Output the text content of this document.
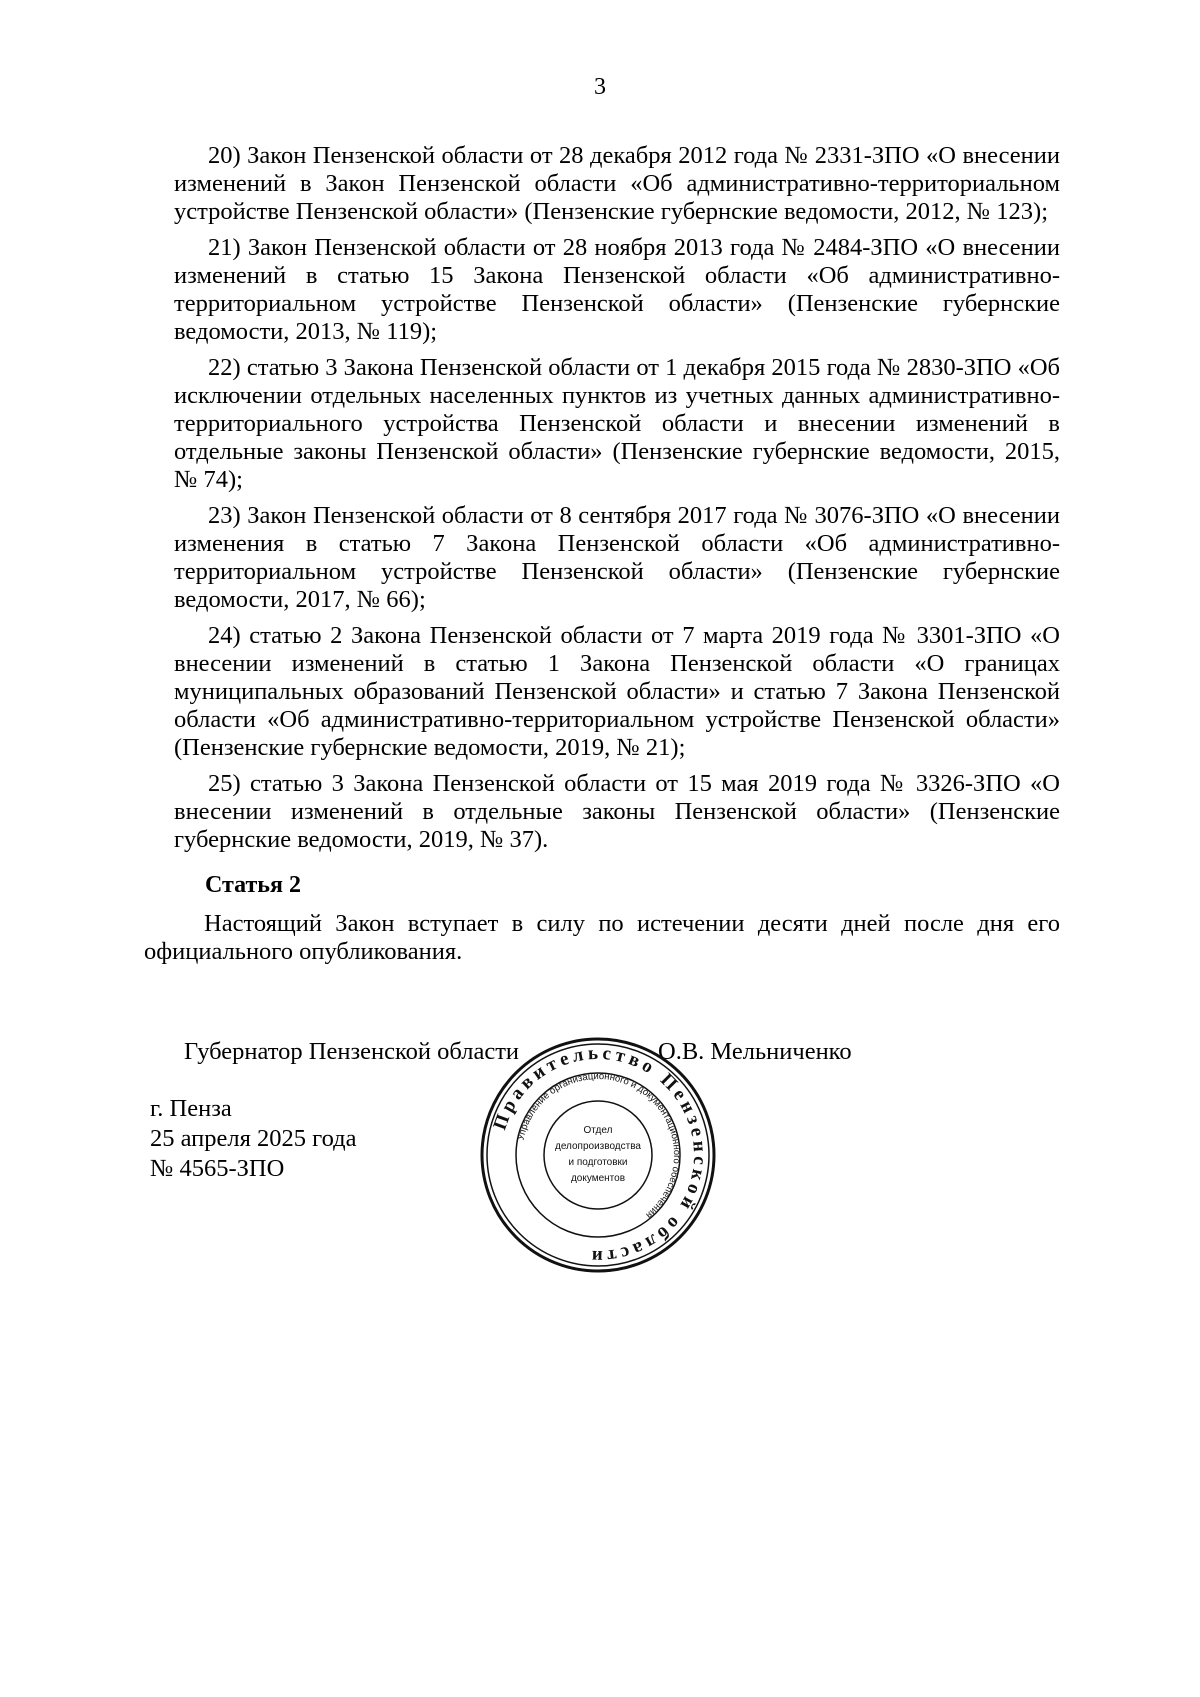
3

20) Закон Пензенской области от 28 декабря 2012 года № 2331-ЗПО «О внесении изменений в Закон Пензенской области «Об административно-территориальном устройстве Пензенской области» (Пензенские губернские ведомости, 2012, № 123);

21) Закон Пензенской области от 28 ноября 2013 года № 2484-ЗПО «О внесении изменений в статью 15 Закона Пензенской области «Об административно-территориальном устройстве Пензенской области» (Пензенские губернские ведомости, 2013, № 119);

22) статью 3 Закона Пензенской области от 1 декабря 2015 года № 2830-ЗПО «Об исключении отдельных населенных пунктов из учетных данных административно-территориального устройства Пензенской области и внесении изменений в отдельные законы Пензенской области» (Пензенские губернские ведомости, 2015, № 74);

23) Закон Пензенской области от 8 сентября 2017 года № 3076-ЗПО «О внесении изменения в статью 7 Закона Пензенской области «Об административно-территориальном устройстве Пензенской области» (Пензенские губернские ведомости, 2017, № 66);

24) статью 2 Закона Пензенской области от 7 марта 2019 года № 3301-ЗПО «О внесении изменений в статью 1 Закона Пензенской области «О границах муниципальных образований Пензенской области» и статью 7 Закона Пензенской области «Об административно-территориальном устройстве Пензенской области» (Пензенские губернские ведомости, 2019, № 21);

25) статью 3 Закона Пензенской области от 15 мая 2019 года № 3326-ЗПО «О внесении изменений в отдельные законы Пензенской области» (Пензенские губернские ведомости, 2019, № 37).

Статья 2

Настоящий Закон вступает в силу по истечении десяти дней после дня его официального опубликования.

Губернатор Пензенской области	О.В. Мельниченко
г. Пенза
25 апреля 2025 года
№ 4565-ЗПО
Правительство Пензенской области
Управление организационного и документационного обеспечения
Отдел
делопроизводства
и подготовки
документов
